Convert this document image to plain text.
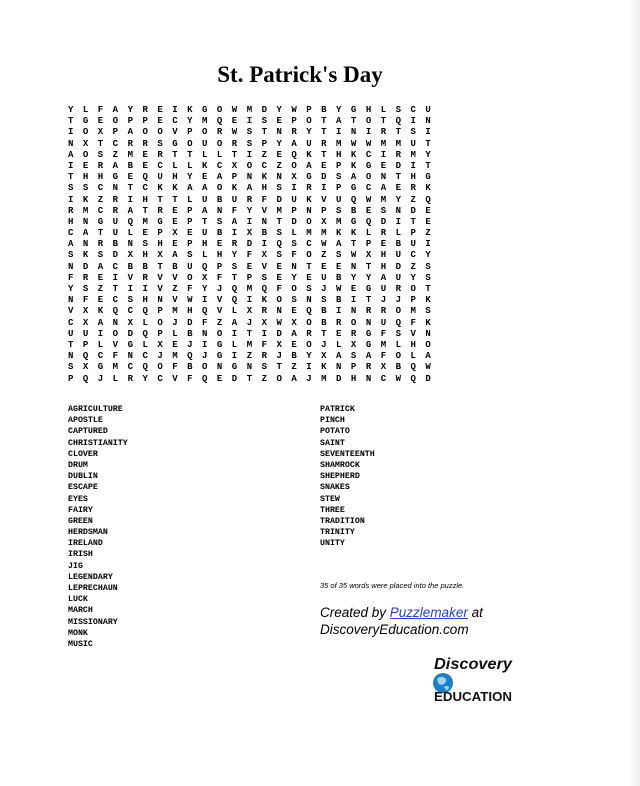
St. Patrick's Day
Y L F A Y R E I K G O W M D Y W P B Y G H L S C U
T G E O P P E C Y M Q E I S E P O T A T O T Q I N
I O X P A O O V P O R W S T N R Y T I N I R T S I
N X T C R R S G O U O R S P Y A U R M W W M M U T
A O S Z M E R T T L L T I Z E Q K T H K C I R M Y
I E R A B E C L L K C X O C Z O A E P K G E D I T
T H H G E Q U H Y E A P N K N X G D S A O N T H G
S S C N T C K K A A O K A H S I R I P G C A E R K
I K Z R I H T T L U B U R F D U K V U Q W M Y Z Q
R M C R A T R E P A N F Y V M P N P S B E S N D E
H N G U Q M G E P T S A I N T D O X M G Q D I T E
C A T U L E P X E U B I X B S L M M K K L R L P Z
A N R B N S H E P H E R D I Q S C W A T P E B U I
S K S D X H X A S L H Y F X S F O Z S W X H U C Y
N D A C B B T B U Q P S E V E N T E E N T H D Z S
F R E I V R V V O X F T P S E Y E U B Y Y A U Y S
Y S Z T I I V Z F Y J Q M Q F O S J W E G U R O T
N F E C S H N V W I V Q I K O S N S B I T J J P K
V X K Q C Q P M H Q V L X R N E Q B I N R R O M S
C X A N X L O J D F Z A J X W X O B R O N U Q F K
U U I O D Q P L B N O I T I D A R T E R G F S V N
T P L V G L X E J I G L M F X E O J L X G M L H O
N Q C F N C J M Q J G I Z R J B Y X A S A F O L A
S X G M C Q O F B O N G N S T Z I K N P R X B Q W
P Q J L R Y C V F Q E D T Z O A J M D H N C W Q D
AGRICULTURE
APOSTLE
CAPTURED
CHRISTIANITY
CLOVER
DRUM
DUBLIN
ESCAPE
EYES
FAIRY
GREEN
HERDSMAN
IRELAND
IRISH
JIG
LEGENDARY
LEPRECHAUN
LUCK
MARCH
MISSIONARY
MONK
MUSIC
PATRICK
PINCH
POTATO
SAINT
SEVENTEENTH
SHAMROCK
SHEPHERD
SNAKES
STEW
THREE
TRADITION
TRINITY
UNITY
35 of 35 words were placed into the puzzle.
Created by Puzzlemaker at
DiscoveryEducation.com
Discovery
EDUCATION
